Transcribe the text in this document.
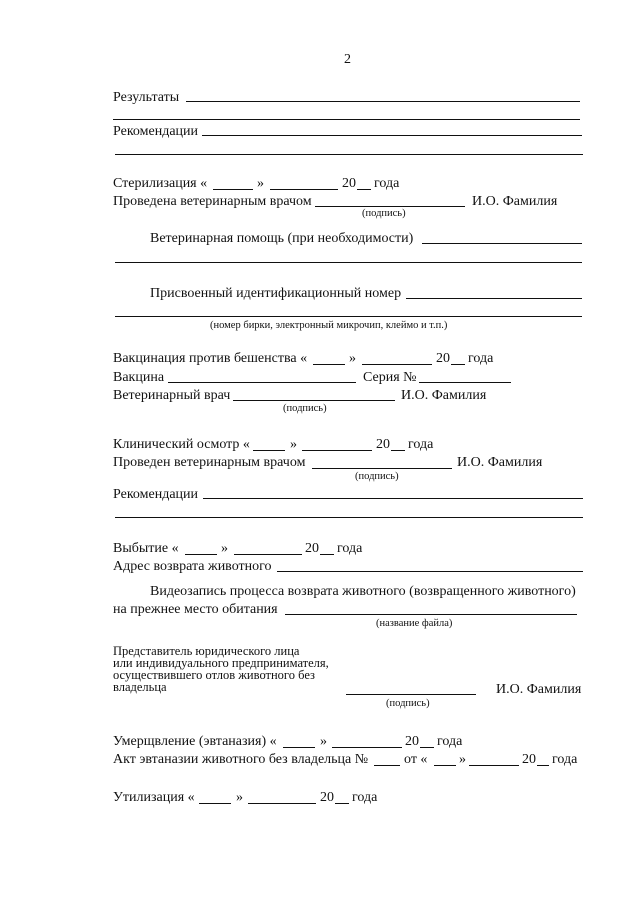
2
Результаты
Рекомендации
Стерилизация «	»	20 года
Проведена ветеринарным врачом	И.О. Фамилия
(подпись)
Ветеринарная помощь (при необходимости)
Присвоенный идентификационный номер
(номер бирки, электронный микрочип, клеймо и т.п.)
Вакцинация против бешенства «	»	20 года
Вакцина	Серия №
Ветеринарный врач	И.О. Фамилия
(подпись)
Клинический осмотр «	»	20 года
Проведен ветеринарным врачом	И.О. Фамилия
(подпись)
Рекомендации
Выбытие «	»	20 года
Адрес возврата животного
Видеозапись процесса возврата животного (возвращенного животного)
на прежнее место обитания
(название файла)
Представитель юридического лица
или индивидуального предпринимателя,
осуществившего отлов животного без
владельца	И.О. Фамилия
(подпись)
Умерщвление (эвтаназия) «	»	20 года
Акт эвтаназии животного без владельца №	от « »	20 года
Утилизация «	»	20 года
